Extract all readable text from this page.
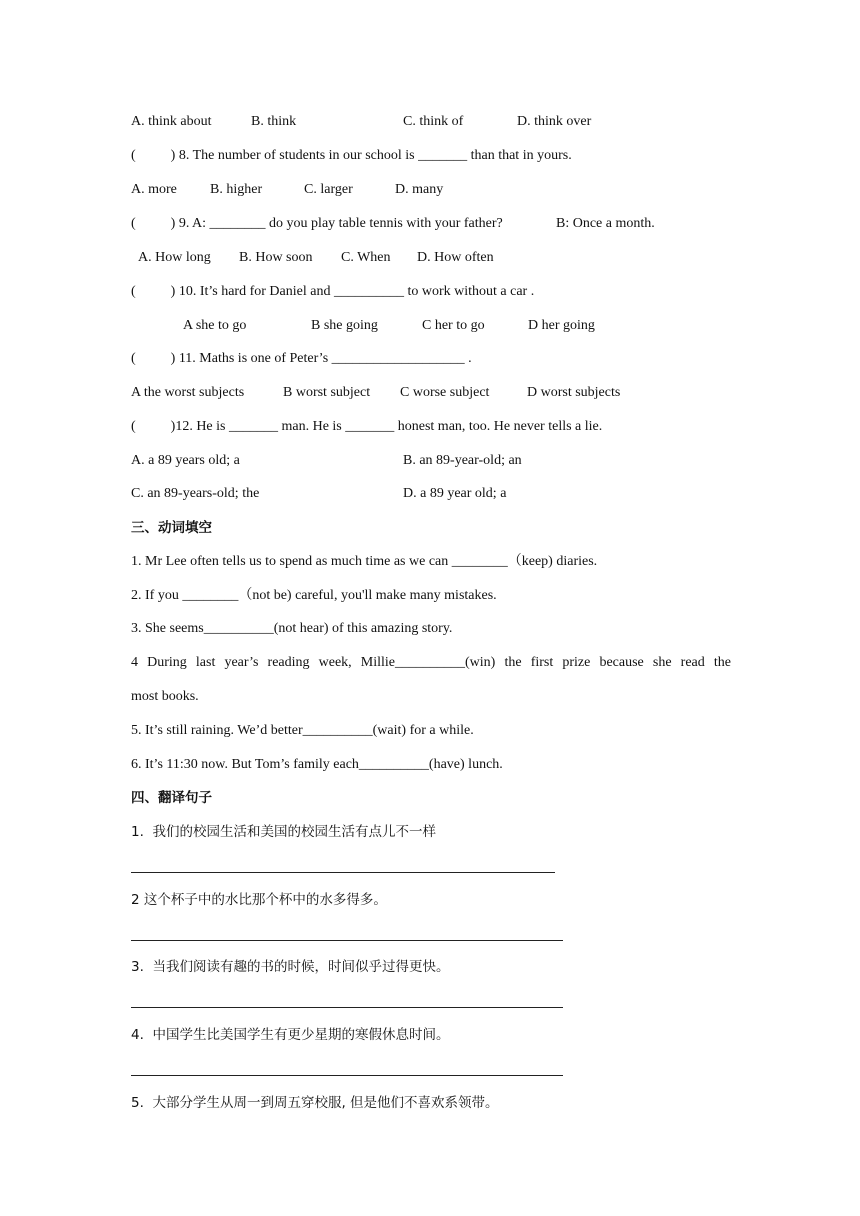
A. think about	B. think	C. think of	D. think over
(          ) 8. The number of students in our school is _______ than that in yours.
A. more B. higher	C. larger	D. many
(          ) 9. A: ________ do you play table tennis with your father?	B: Once a month.
A. How long B. How soon C. When D. How often
(          ) 10. It’s hard for Daniel and __________ to work without a car .
A she to go	B she going	C her to go	D her going
(          ) 11. Maths is one of Peter’s ___________________ .
A the worst subjects	B worst subject C worse subject	D worst subjects
(          )12. He is _______ man. He is _______ honest man, too. He never tells a lie.
A. a 89 years old; a	B. an 89-year-old; an
C. an 89-years-old; the	D. a 89 year old; a
三、动词填空
1. Mr Lee often tells us to spend as much time as we can ________（keep) diaries.
2. If you ________（not be) careful, you'll make many mistakes.
3. She seems__________(not hear) of this amazing story.
4 During last year’s reading week, Millie__________(win) the first prize because she read the
most books.
5. It’s still raining. We’d better__________(wait) for a while.
6. It’s 11:30 now. But Tom’s family each__________(have) lunch.
四、翻译句子
1.  我们的校园生活和美国的校园生活有点儿不一样
2 这个杯子中的水比那个杯中的水多得多。
3.  当我们阅读有趣的书的时候，时间似乎过得更快。
4.  中国学生比美国学生有更少星期的寒假休息时间。
5.  大部分学生从周一到周五穿校服, 但是他们不喜欢系领带。
